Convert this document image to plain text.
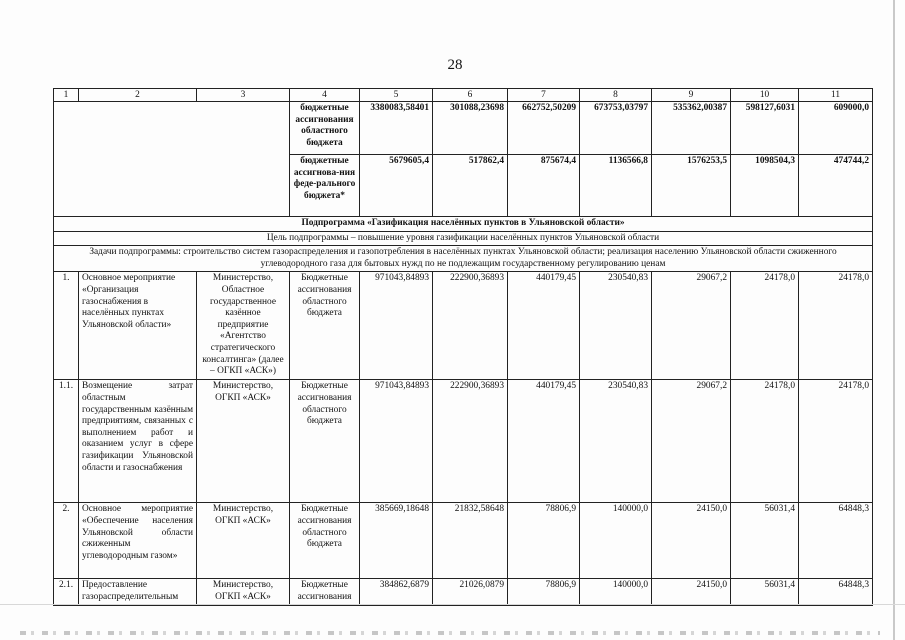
28
1	2	3	4	5	6	7	8	9	10	11
			бюджетные ассигнования областного бюджета	3380083,58401	301088,23698	662752,50209	673753,03797	535362,00387	598127,6031	609000,0
			бюджетные ассигнова-ния феде-рального бюджета*	5679605,4	517862,4	875674,4	1136566,8	1576253,5	1098504,3	474744,2
Подпрограмма «Газификация населённых пунктов в Ульяновской области»										
Цель подпрограммы – повышение уровня газификации населённых пунктов Ульяновской области										
Задачи подпрограммы: строительство систем газораспределения и газопотребления в населённых пунктах Ульяновской области; реализация населению Ульяновской области сжиженного углеводородного газа для бытовых нужд по не подлежащим государственному регулированию ценам										
1.	Основное мероприятие «Организация газоснабжения в населённых пунктах Ульяновской области»	Министерство, Областное государственное казённое предприятие «Агентство стратегического консалтинга» (далее – ОГКП «АСК»)	Бюджетные ассигнования областного бюджета	971043,84893	222900,36893	440179,45	230540,83	29067,2	24178,0	24178,0
1.1.	Возмещение затрат областным государственным казённым предприятиям, связанных с выполнением работ и оказанием услуг в сфере газификации Ульяновской области и газоснабжения	Министерство, ОГКП «АСК»	Бюджетные ассигнования областного бюджета	971043,84893	222900,36893	440179,45	230540,83	29067,2	24178,0	24178,0
2.	Основное мероприятие «Обеспечение населения Ульяновской области сжиженным углеводородным газом»	Министерство, ОГКП «АСК»	Бюджетные ассигнования областного бюджета	385669,18648	21832,58648	78806,9	140000,0	24150,0	56031,4	64848,3
2.1.	Предоставление газораспределительным	Министерство, ОГКП «АСК»	Бюджетные ассигнования	384862,6879	21026,0879	78806,9	140000,0	24150,0	56031,4	64848,3
